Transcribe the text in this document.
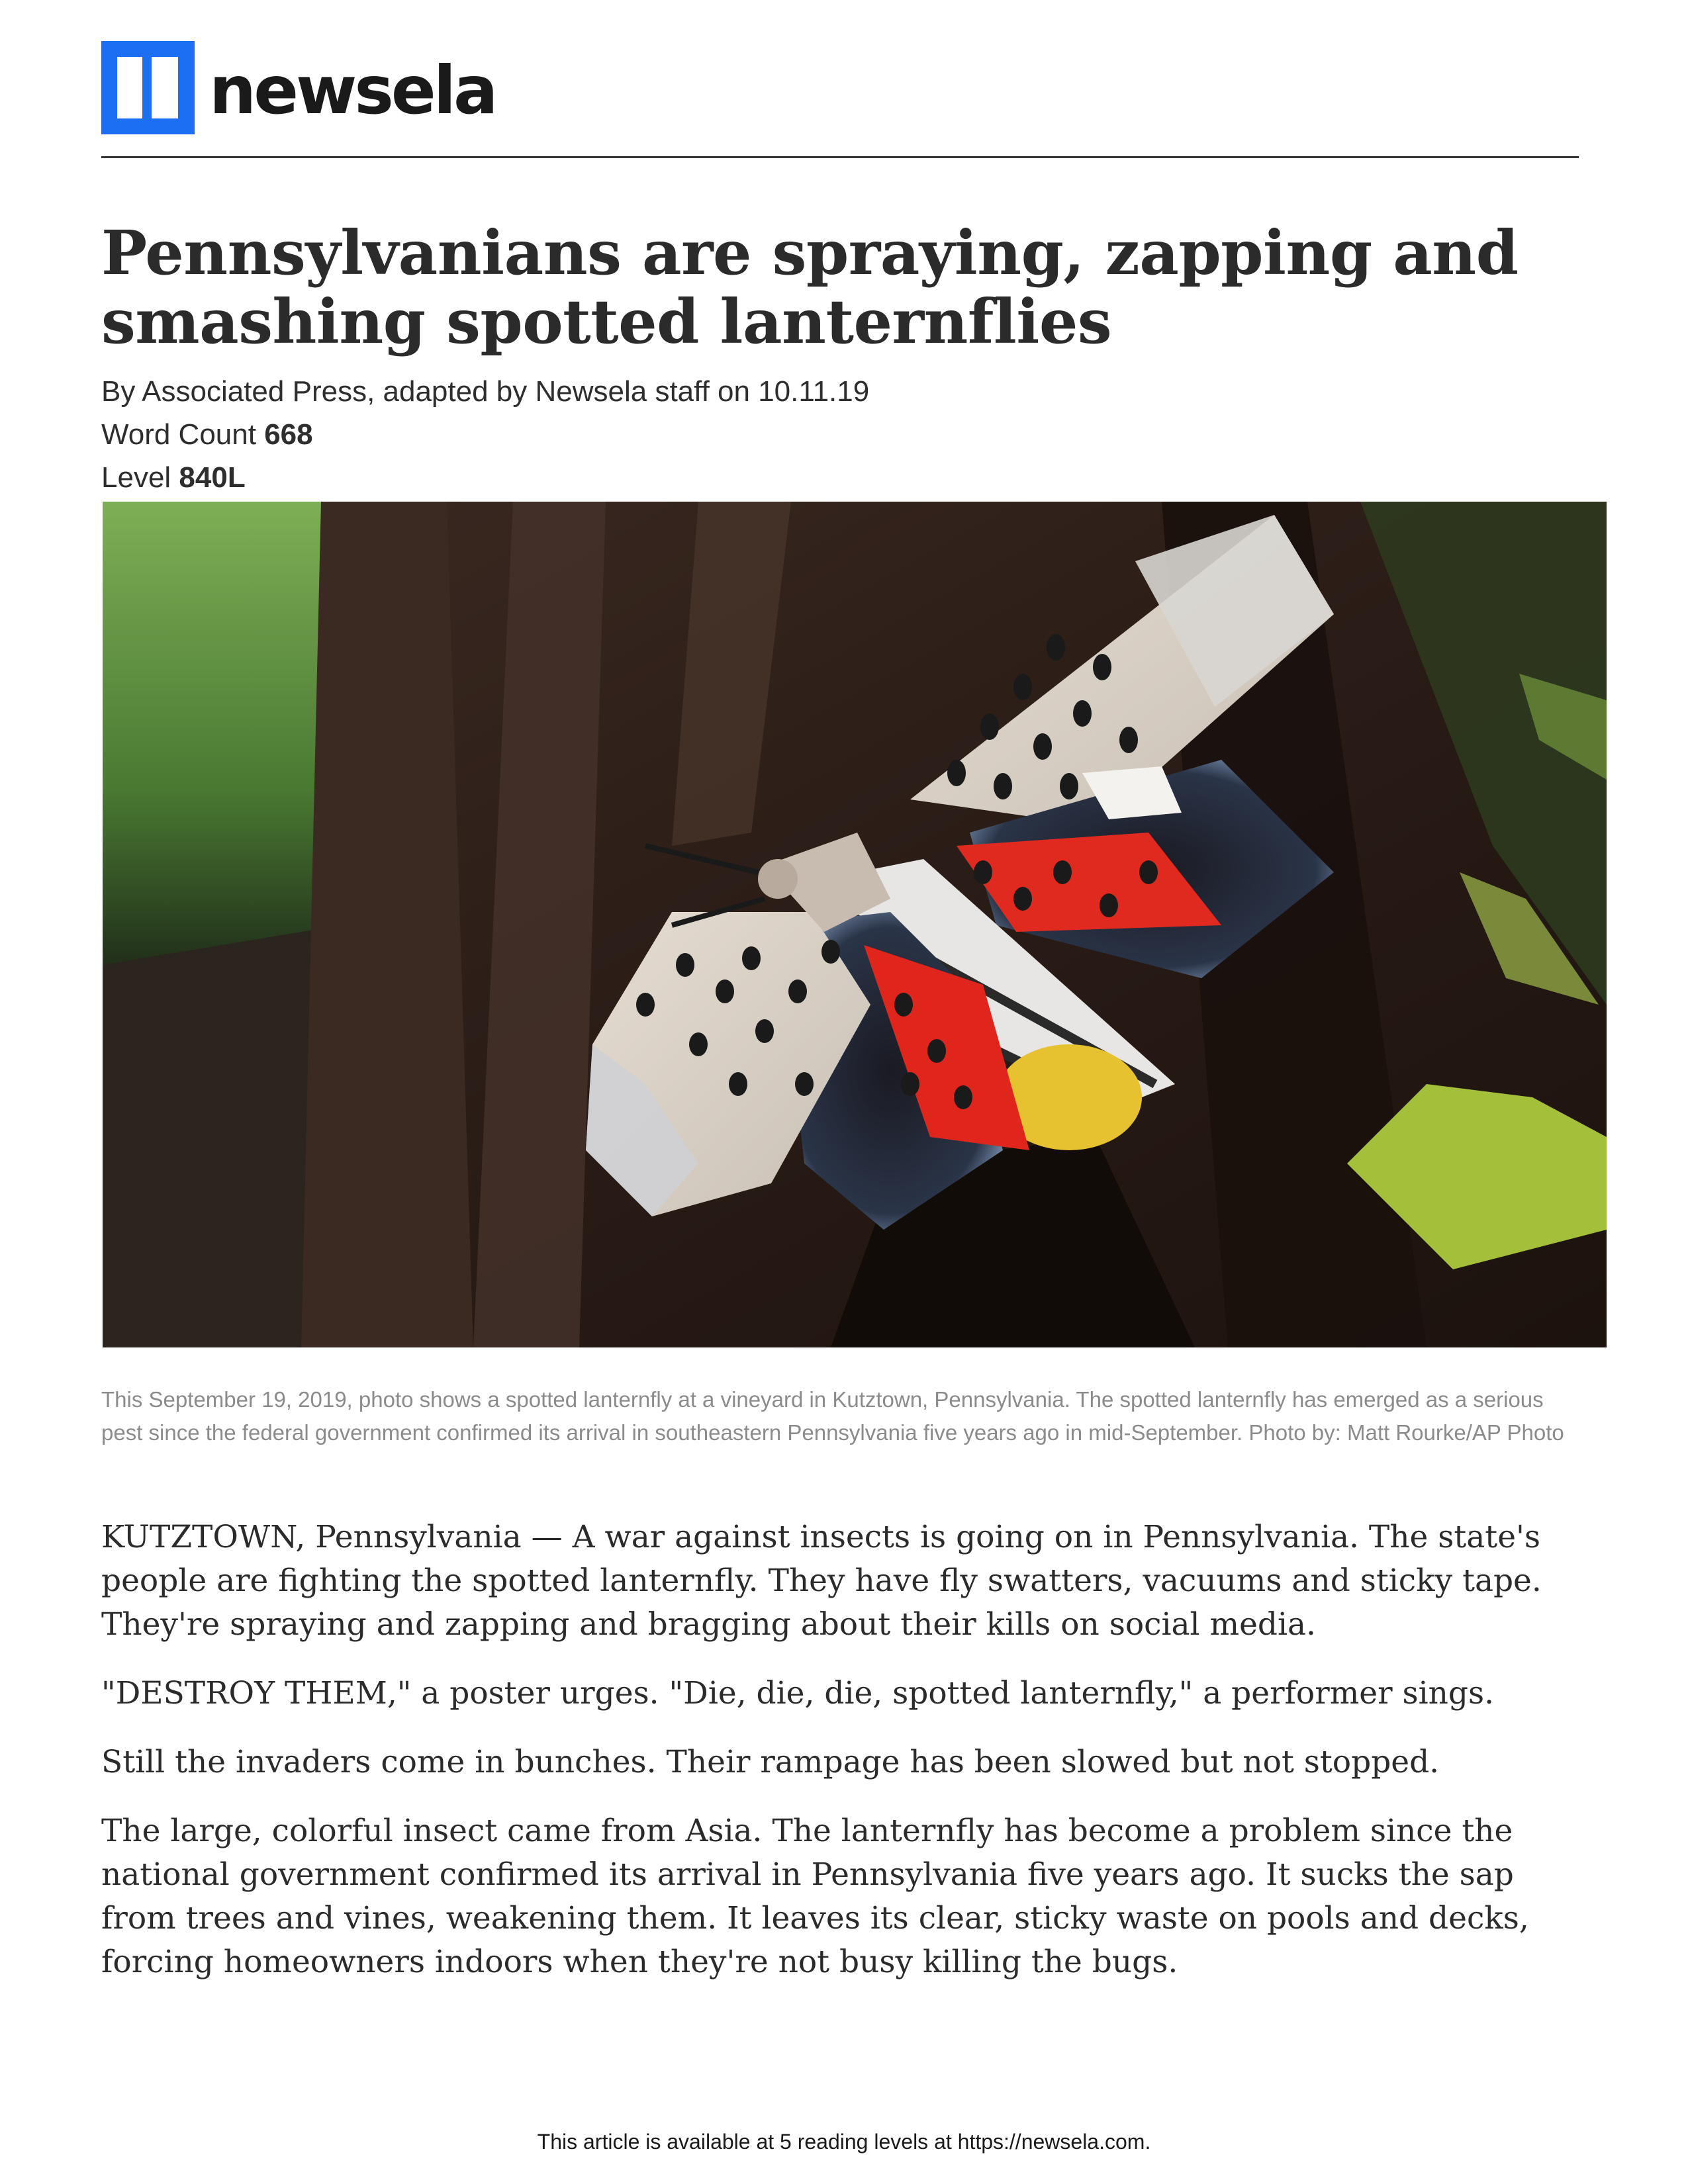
newsela
Pennsylvanians are spraying, zapping and smashing spotted lanternflies
By Associated Press, adapted by Newsela staff on 10.11.19
Word Count 668
Level 840L

This September 19, 2019, photo shows a spotted lanternfly at a vineyard in Kutztown, Pennsylvania. The spotted lanternfly has emerged as a serious pest since the federal government confirmed its arrival in southeastern Pennsylvania five years ago in mid-September. Photo by: Matt Rourke/AP Photo

KUTZTOWN, Pennsylvania — A war against insects is going on in Pennsylvania. The state's people are fighting the spotted lanternfly. They have fly swatters, vacuums and sticky tape. They're spraying and zapping and bragging about their kills on social media.

"DESTROY THEM," a poster urges. "Die, die, die, spotted lanternfly," a performer sings.

Still the invaders come in bunches. Their rampage has been slowed but not stopped.

The large, colorful insect came from Asia. The lanternfly has become a problem since the national government confirmed its arrival in Pennsylvania five years ago. It sucks the sap from trees and vines, weakening them. It leaves its clear, sticky waste on pools and decks, forcing homeowners indoors when they're not busy killing the bugs.

This article is available at 5 reading levels at https://newsela.com.
